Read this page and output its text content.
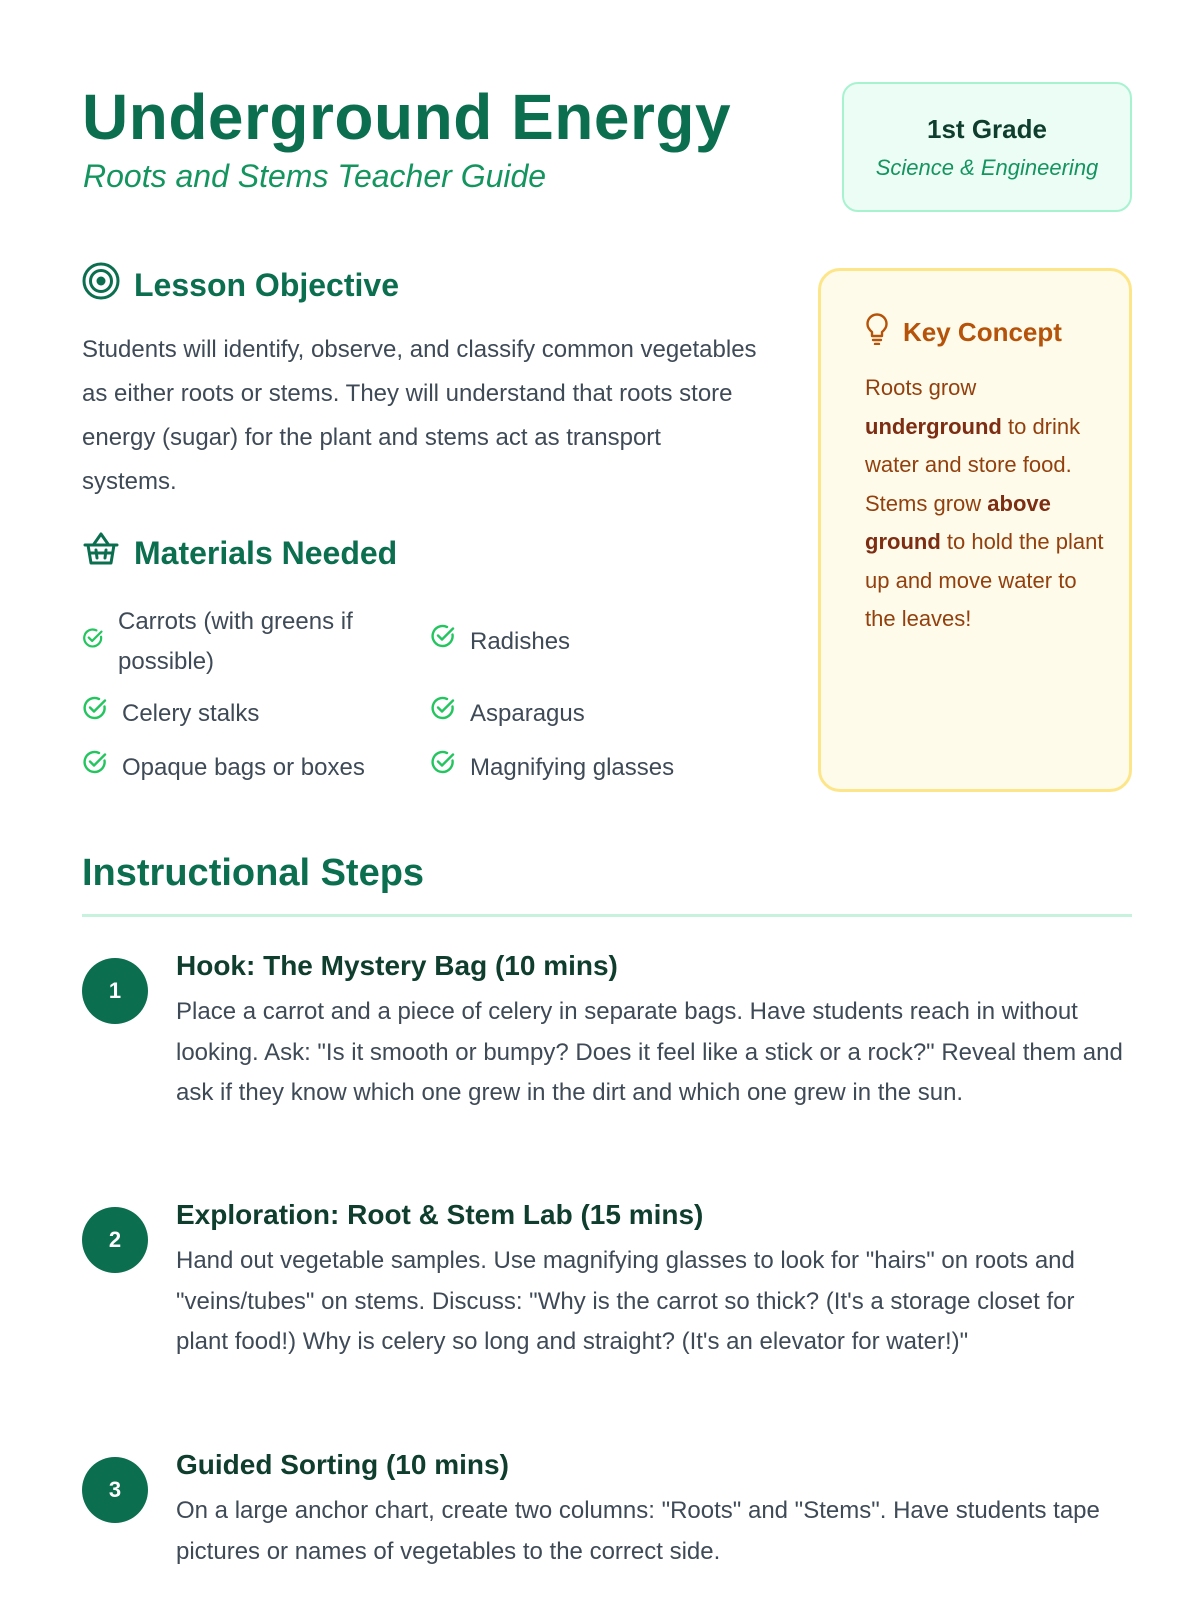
Underground Energy
Roots and Stems Teacher Guide
1st Grade
Science & Engineering
Lesson Objective

Students will identify, observe, and classify common vegetables as either roots or stems. They will understand that roots store energy (sugar) for the plant and stems act as transport systems.

Materials Needed
Carrots (with greens if possible)
Radishes
Celery stalks	Asparagus
Opaque bags or boxes	Magnifying glasses
Key Concept

Roots grow underground to drink water and store food. Stems grow above ground to hold the plant up and move water to the leaves!

Instructional Steps
1
Hook: The Mystery Bag (10 mins)

Place a carrot and a piece of celery in separate bags. Have students reach in without looking. Ask: "Is it smooth or bumpy? Does it feel like a stick or a rock?" Reveal them and ask if they know which one grew in the dirt and which one grew in the sun.

2
Exploration: Root & Stem Lab (15 mins)

Hand out vegetable samples. Use magnifying glasses to look for "hairs" on roots and "veins/tubes" on stems. Discuss: "Why is the carrot so thick? (It's a storage closet for plant food!) Why is celery so long and straight? (It's an elevator for water!)"

3
Guided Sorting (10 mins)

On a large anchor chart, create two columns: "Roots" and "Stems". Have students tape pictures or names of vegetables to the correct side.
